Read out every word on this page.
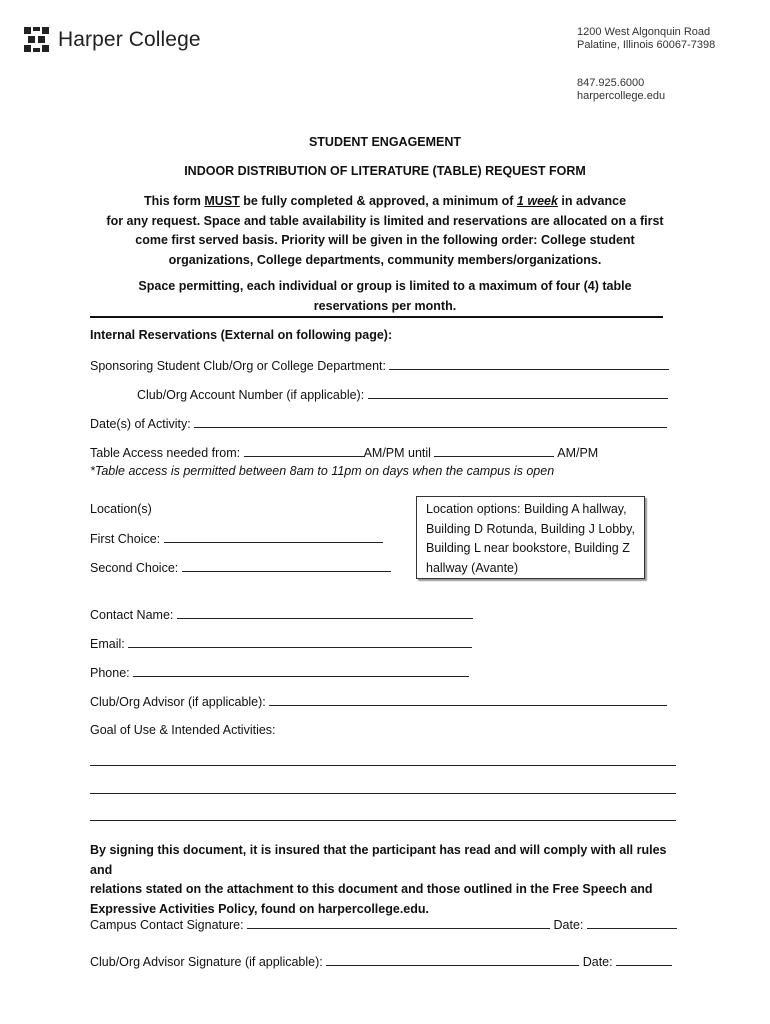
Harper College	1200 West Algonquin Road
Palatine, Illinois 60067-7398
847.925.6000
harpercollege.edu
STUDENT ENGAGEMENT
INDOOR DISTRIBUTION OF LITERATURE (TABLE) REQUEST FORM
This form MUST be fully completed & approved, a minimum of 1 week in advance
for any request. Space and table availability is limited and reservations are allocated on a first
come first served basis. Priority will be given in the following order: College student
organizations, College departments, community members/organizations.
Space permitting, each individual or group is limited to a maximum of four (4) table
reservations per month.
Internal Reservations (External on following page):
Sponsoring Student Club/Org or College Department:
Club/Org Account Number (if applicable):
Date(s) of Activity:
Table Access needed from:	AM/PM until	AM/PM
*Table access is permitted between 8am to 11pm on days when the campus is open
Location(s)
First Choice:
Second Choice:
Location options: Building A hallway,
Building D Rotunda, Building J Lobby,
Building L near bookstore, Building Z
hallway (Avante)
Contact Name:
Email:
Phone:
Club/Org Advisor (if applicable):
Goal of Use & Intended Activities:
By signing this document, it is insured that the participant has read and will comply with all rules and
relations stated on the attachment to this document and those outlined in the Free Speech and
Expressive Activities Policy, found on harpercollege.edu.
Campus Contact Signature:	Date:
Club/Org Advisor Signature (if applicable):	Date:
